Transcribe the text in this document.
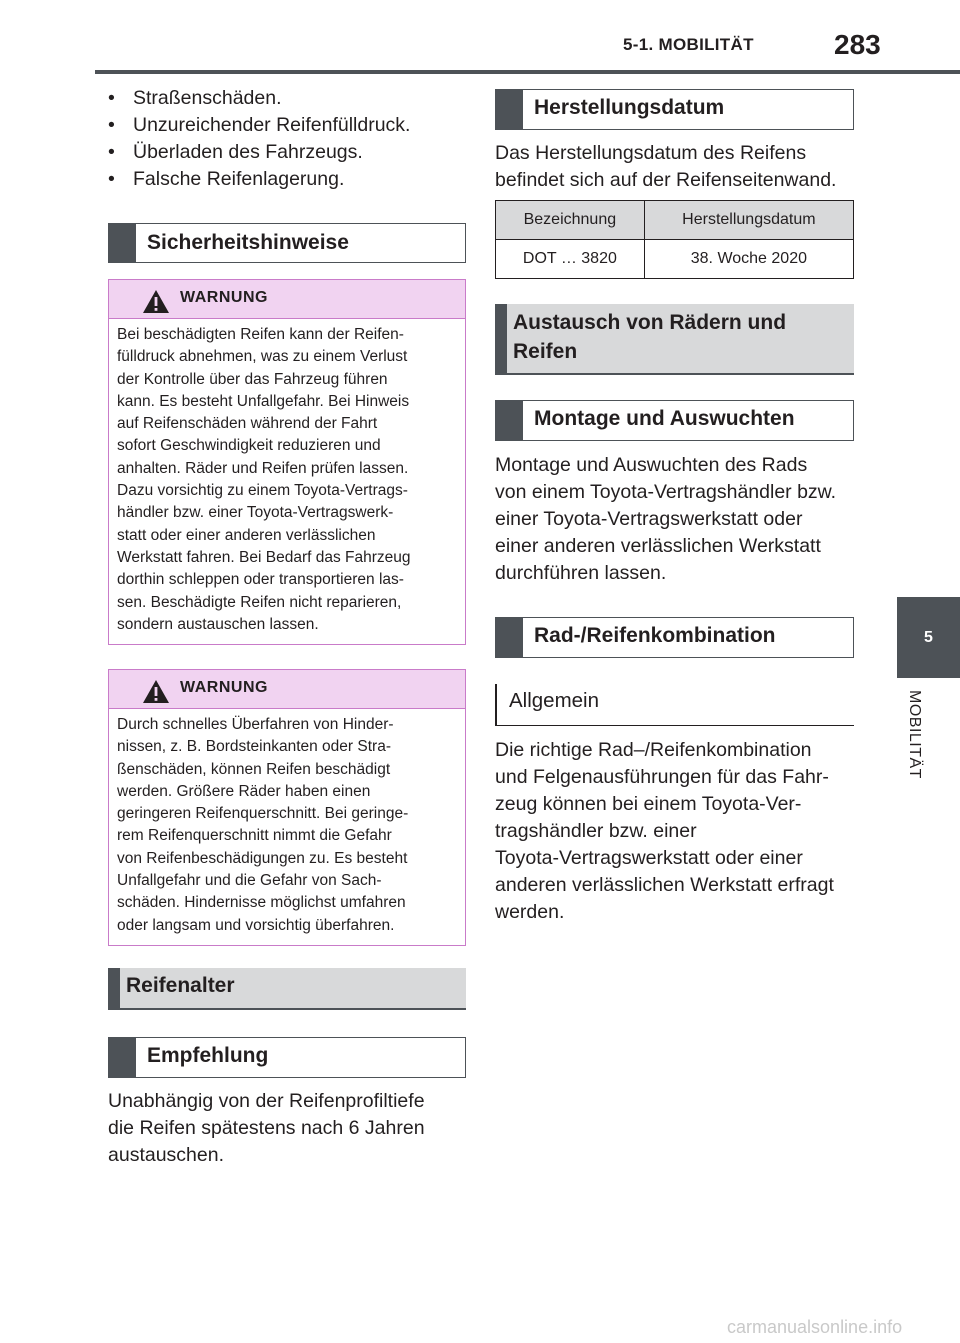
5-1. MOBILITÄT	283
5
MOBILITÄT
• Straßenschäden.
• Unzureichender Reifenfülldruck.
• Überladen des Fahrzeugs.
• Falsche Reifenlagerung.
Sicherheitshinweise
WARNUNG
Bei beschädigten Reifen kann der Reifen-
fülldruck abnehmen, was zu einem Verlust
der Kontrolle über das Fahrzeug führen
kann. Es besteht Unfallgefahr. Bei Hinweis
auf Reifenschäden während der Fahrt
sofort Geschwindigkeit reduzieren und
anhalten. Räder und Reifen prüfen lassen.
Dazu vorsichtig zu einem Toyota-Vertrags-
händler bzw. einer Toyota-Vertragswerk-
statt oder einer anderen verlässlichen
Werkstatt fahren. Bei Bedarf das Fahrzeug
dorthin schleppen oder transportieren las-
sen. Beschädigte Reifen nicht reparieren,
sondern austauschen lassen.
WARNUNG
Durch schnelles Überfahren von Hinder-
nissen, z. B. Bordsteinkanten oder Stra-
ßenschäden, können Reifen beschädigt
werden. Größere Räder haben einen
geringeren Reifenquerschnitt. Bei geringe-
rem Reifenquerschnitt nimmt die Gefahr
von Reifenbeschädigungen zu. Es besteht
Unfallgefahr und die Gefahr von Sach-
schäden. Hindernisse möglichst umfahren
oder langsam und vorsichtig überfahren.
Reifenalter
Empfehlung
Unabhängig von der Reifenprofiltiefe
die Reifen spätestens nach 6 Jahren
austauschen.
Herstellungsdatum
Das Herstellungsdatum des Reifens
befindet sich auf der Reifenseitenwand.
Bezeichnung	Herstellungsdatum
DOT … 3820	38. Woche 2020
Austausch von Rädern und
Reifen
Montage und Auswuchten
Montage und Auswuchten des Rads
von einem Toyota-Vertragshändler bzw.
einer Toyota-Vertragswerkstatt oder
einer anderen verlässlichen Werkstatt
durchführen lassen.
Rad-/Reifenkombination
Allgemein
Die richtige Rad–/Reifenkombination
und Felgenausführungen für das Fahr-
zeug können bei einem Toyota-Ver-
tragshändler bzw. einer
Toyota-Vertragswerkstatt oder einer
anderen verlässlichen Werkstatt erfragt
werden.
carmanualsonline.info
